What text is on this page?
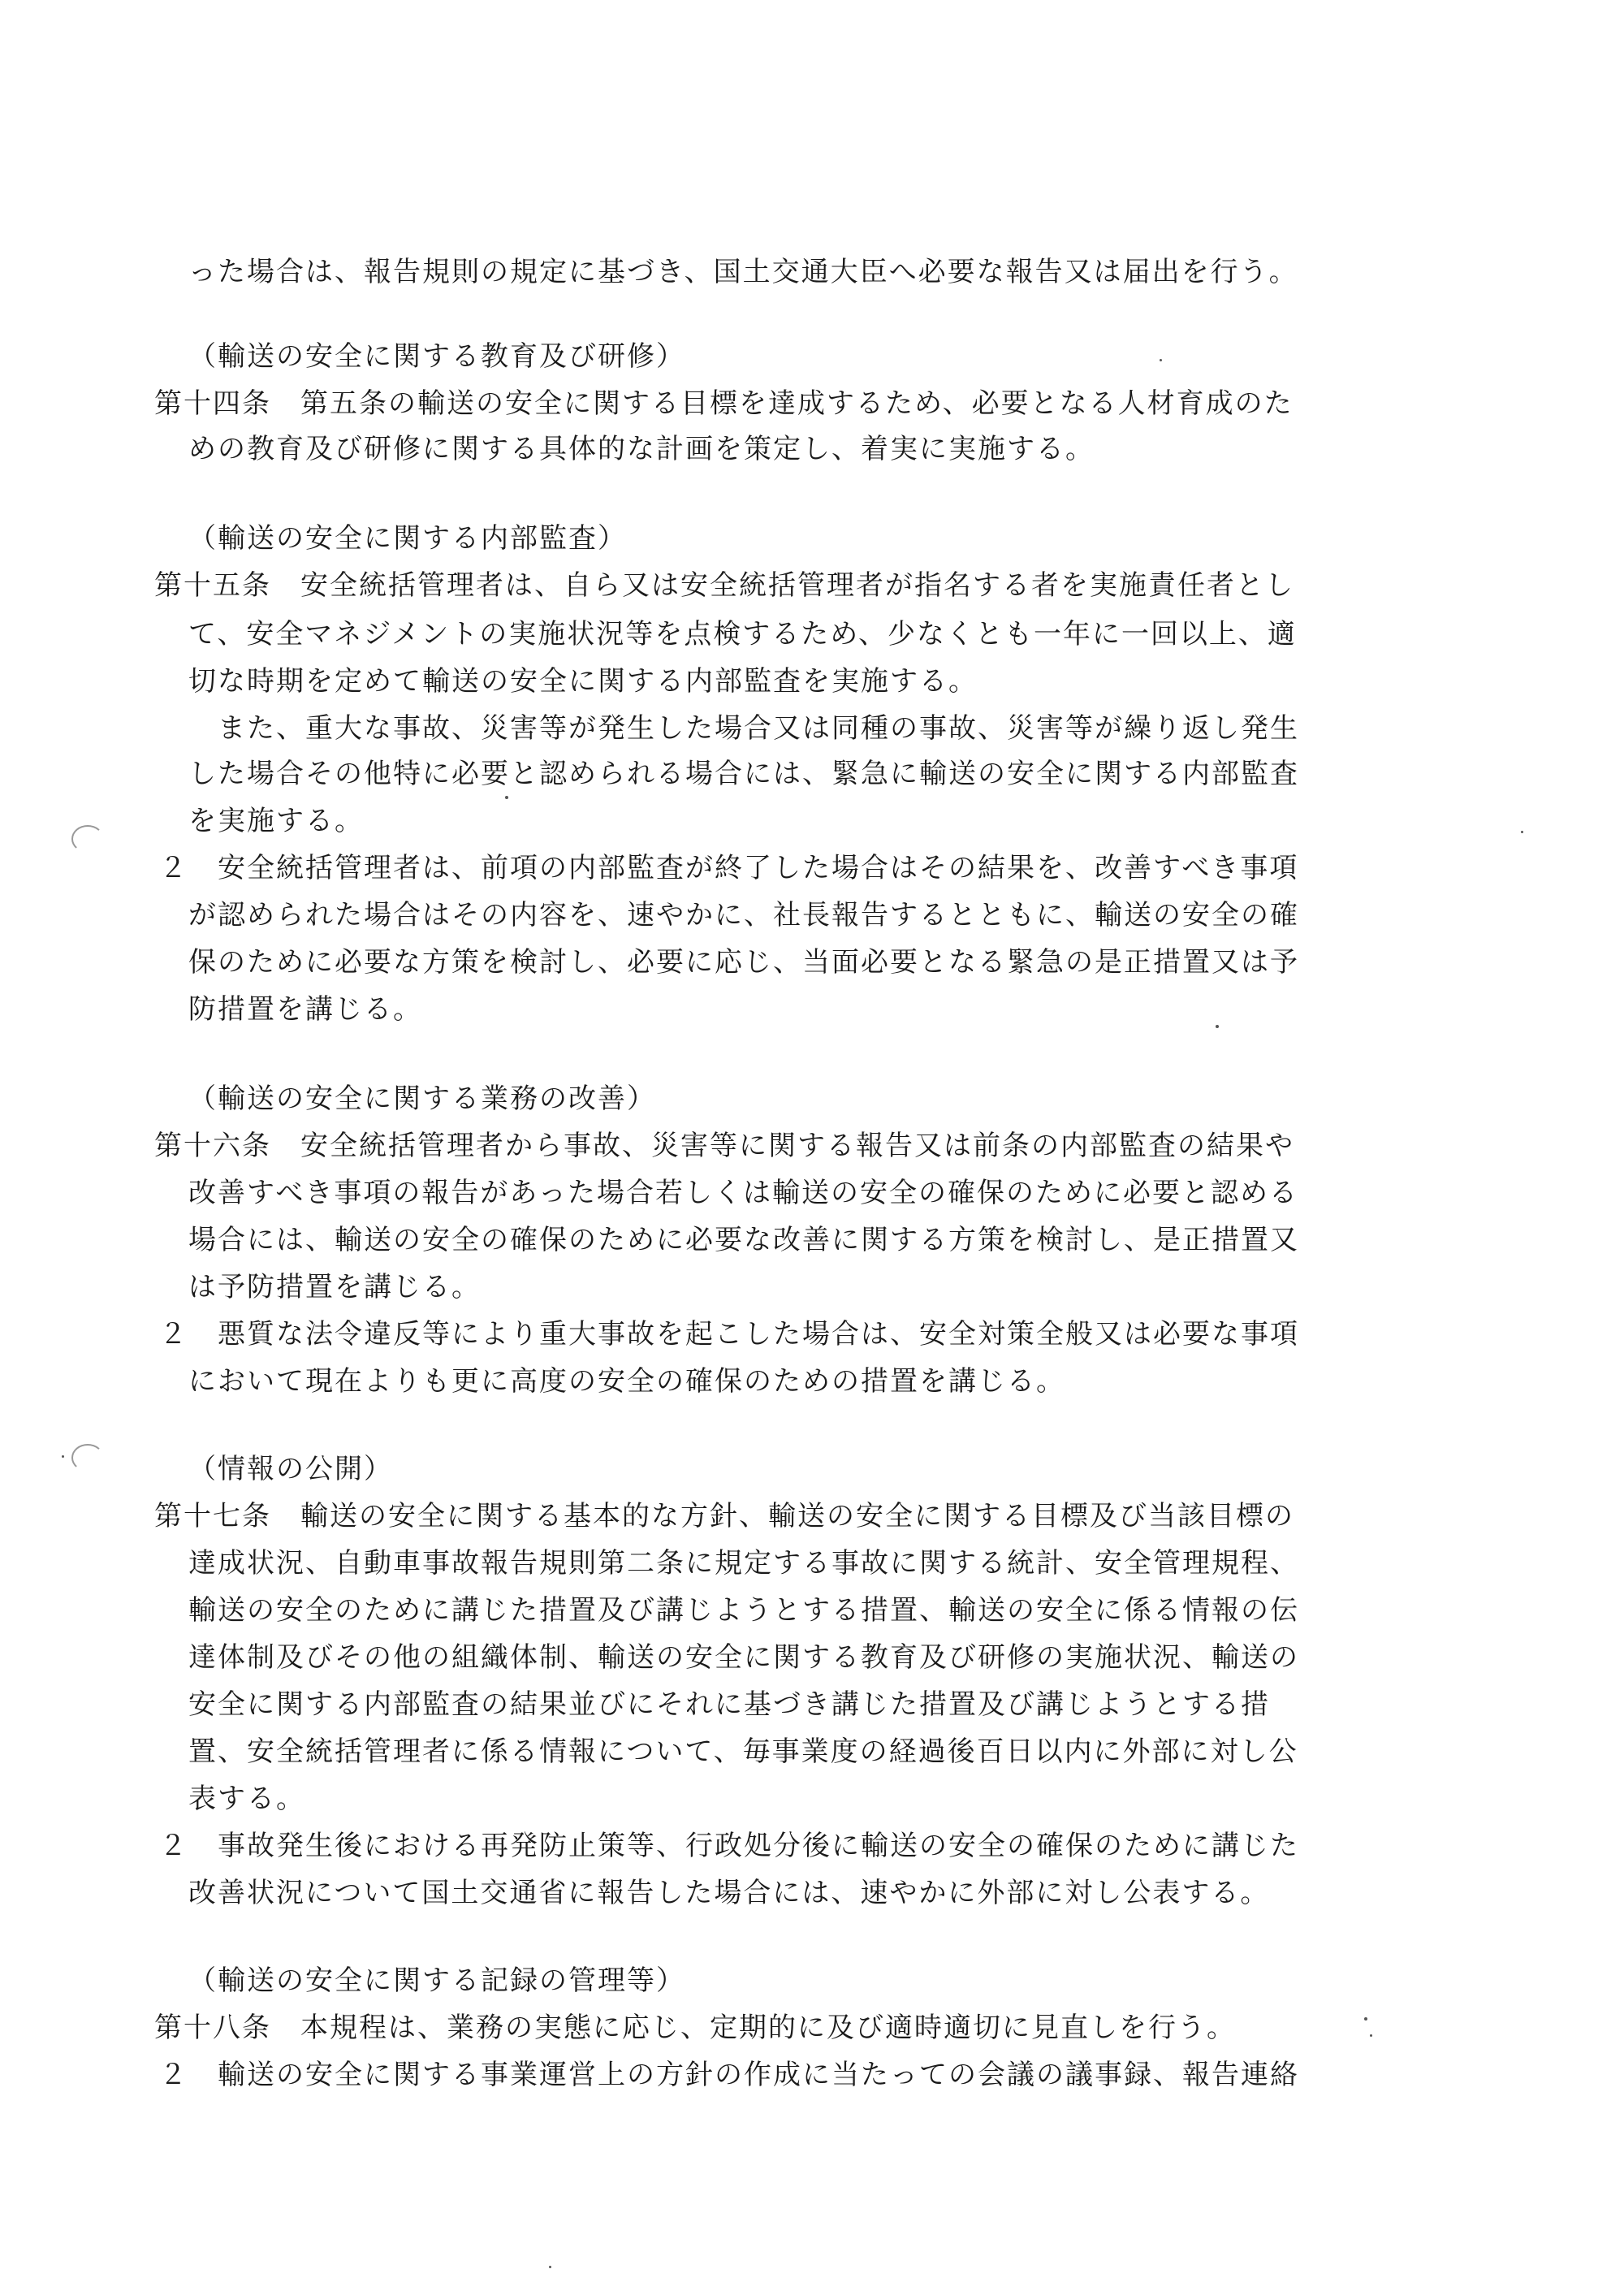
った場合は、報告規則の規定に基づき、国土交通大臣へ必要な報告又は届出を行う。
（輸送の安全に関する教育及び研修）
第十四条　第五条の輸送の安全に関する目標を達成するため、必要となる人材育成のた
めの教育及び研修に関する具体的な計画を策定し、着実に実施する。
（輸送の安全に関する内部監査）
第十五条　安全統括管理者は、自ら又は安全統括管理者が指名する者を実施責任者とし
て、安全マネジメントの実施状況等を点検するため、少なくとも一年に一回以上、適
切な時期を定めて輸送の安全に関する内部監査を実施する。
また、重大な事故、災害等が発生した場合又は同種の事故、災害等が繰り返し発生
した場合その他特に必要と認められる場合には、緊急に輸送の安全に関する内部監査
を実施する。
２　安全統括管理者は、前項の内部監査が終了した場合はその結果を、改善すべき事項
が認められた場合はその内容を、速やかに、社長報告するとともに、輸送の安全の確
保のために必要な方策を検討し、必要に応じ、当面必要となる緊急の是正措置又は予
防措置を講じる。
（輸送の安全に関する業務の改善）
第十六条　安全統括管理者から事故、災害等に関する報告又は前条の内部監査の結果や
改善すべき事項の報告があった場合若しくは輸送の安全の確保のために必要と認める
場合には、輸送の安全の確保のために必要な改善に関する方策を検討し、是正措置又
は予防措置を講じる。
２　悪質な法令違反等により重大事故を起こした場合は、安全対策全般又は必要な事項
において現在よりも更に高度の安全の確保のための措置を講じる。
（情報の公開）
第十七条　輸送の安全に関する基本的な方針、輸送の安全に関する目標及び当該目標の
達成状況、自動車事故報告規則第二条に規定する事故に関する統計、安全管理規程、
輸送の安全のために講じた措置及び講じようとする措置、輸送の安全に係る情報の伝
達体制及びその他の組織体制、輸送の安全に関する教育及び研修の実施状況、輸送の
安全に関する内部監査の結果並びにそれに基づき講じた措置及び講じようとする措
置、安全統括管理者に係る情報について、毎事業度の経過後百日以内に外部に対し公
表する。
２　事故発生後における再発防止策等、行政処分後に輸送の安全の確保のために講じた
改善状況について国土交通省に報告した場合には、速やかに外部に対し公表する。
（輸送の安全に関する記録の管理等）
第十八条　本規程は、業務の実態に応じ、定期的に及び適時適切に見直しを行う。
２　輸送の安全に関する事業運営上の方針の作成に当たっての会議の議事録、報告連絡
